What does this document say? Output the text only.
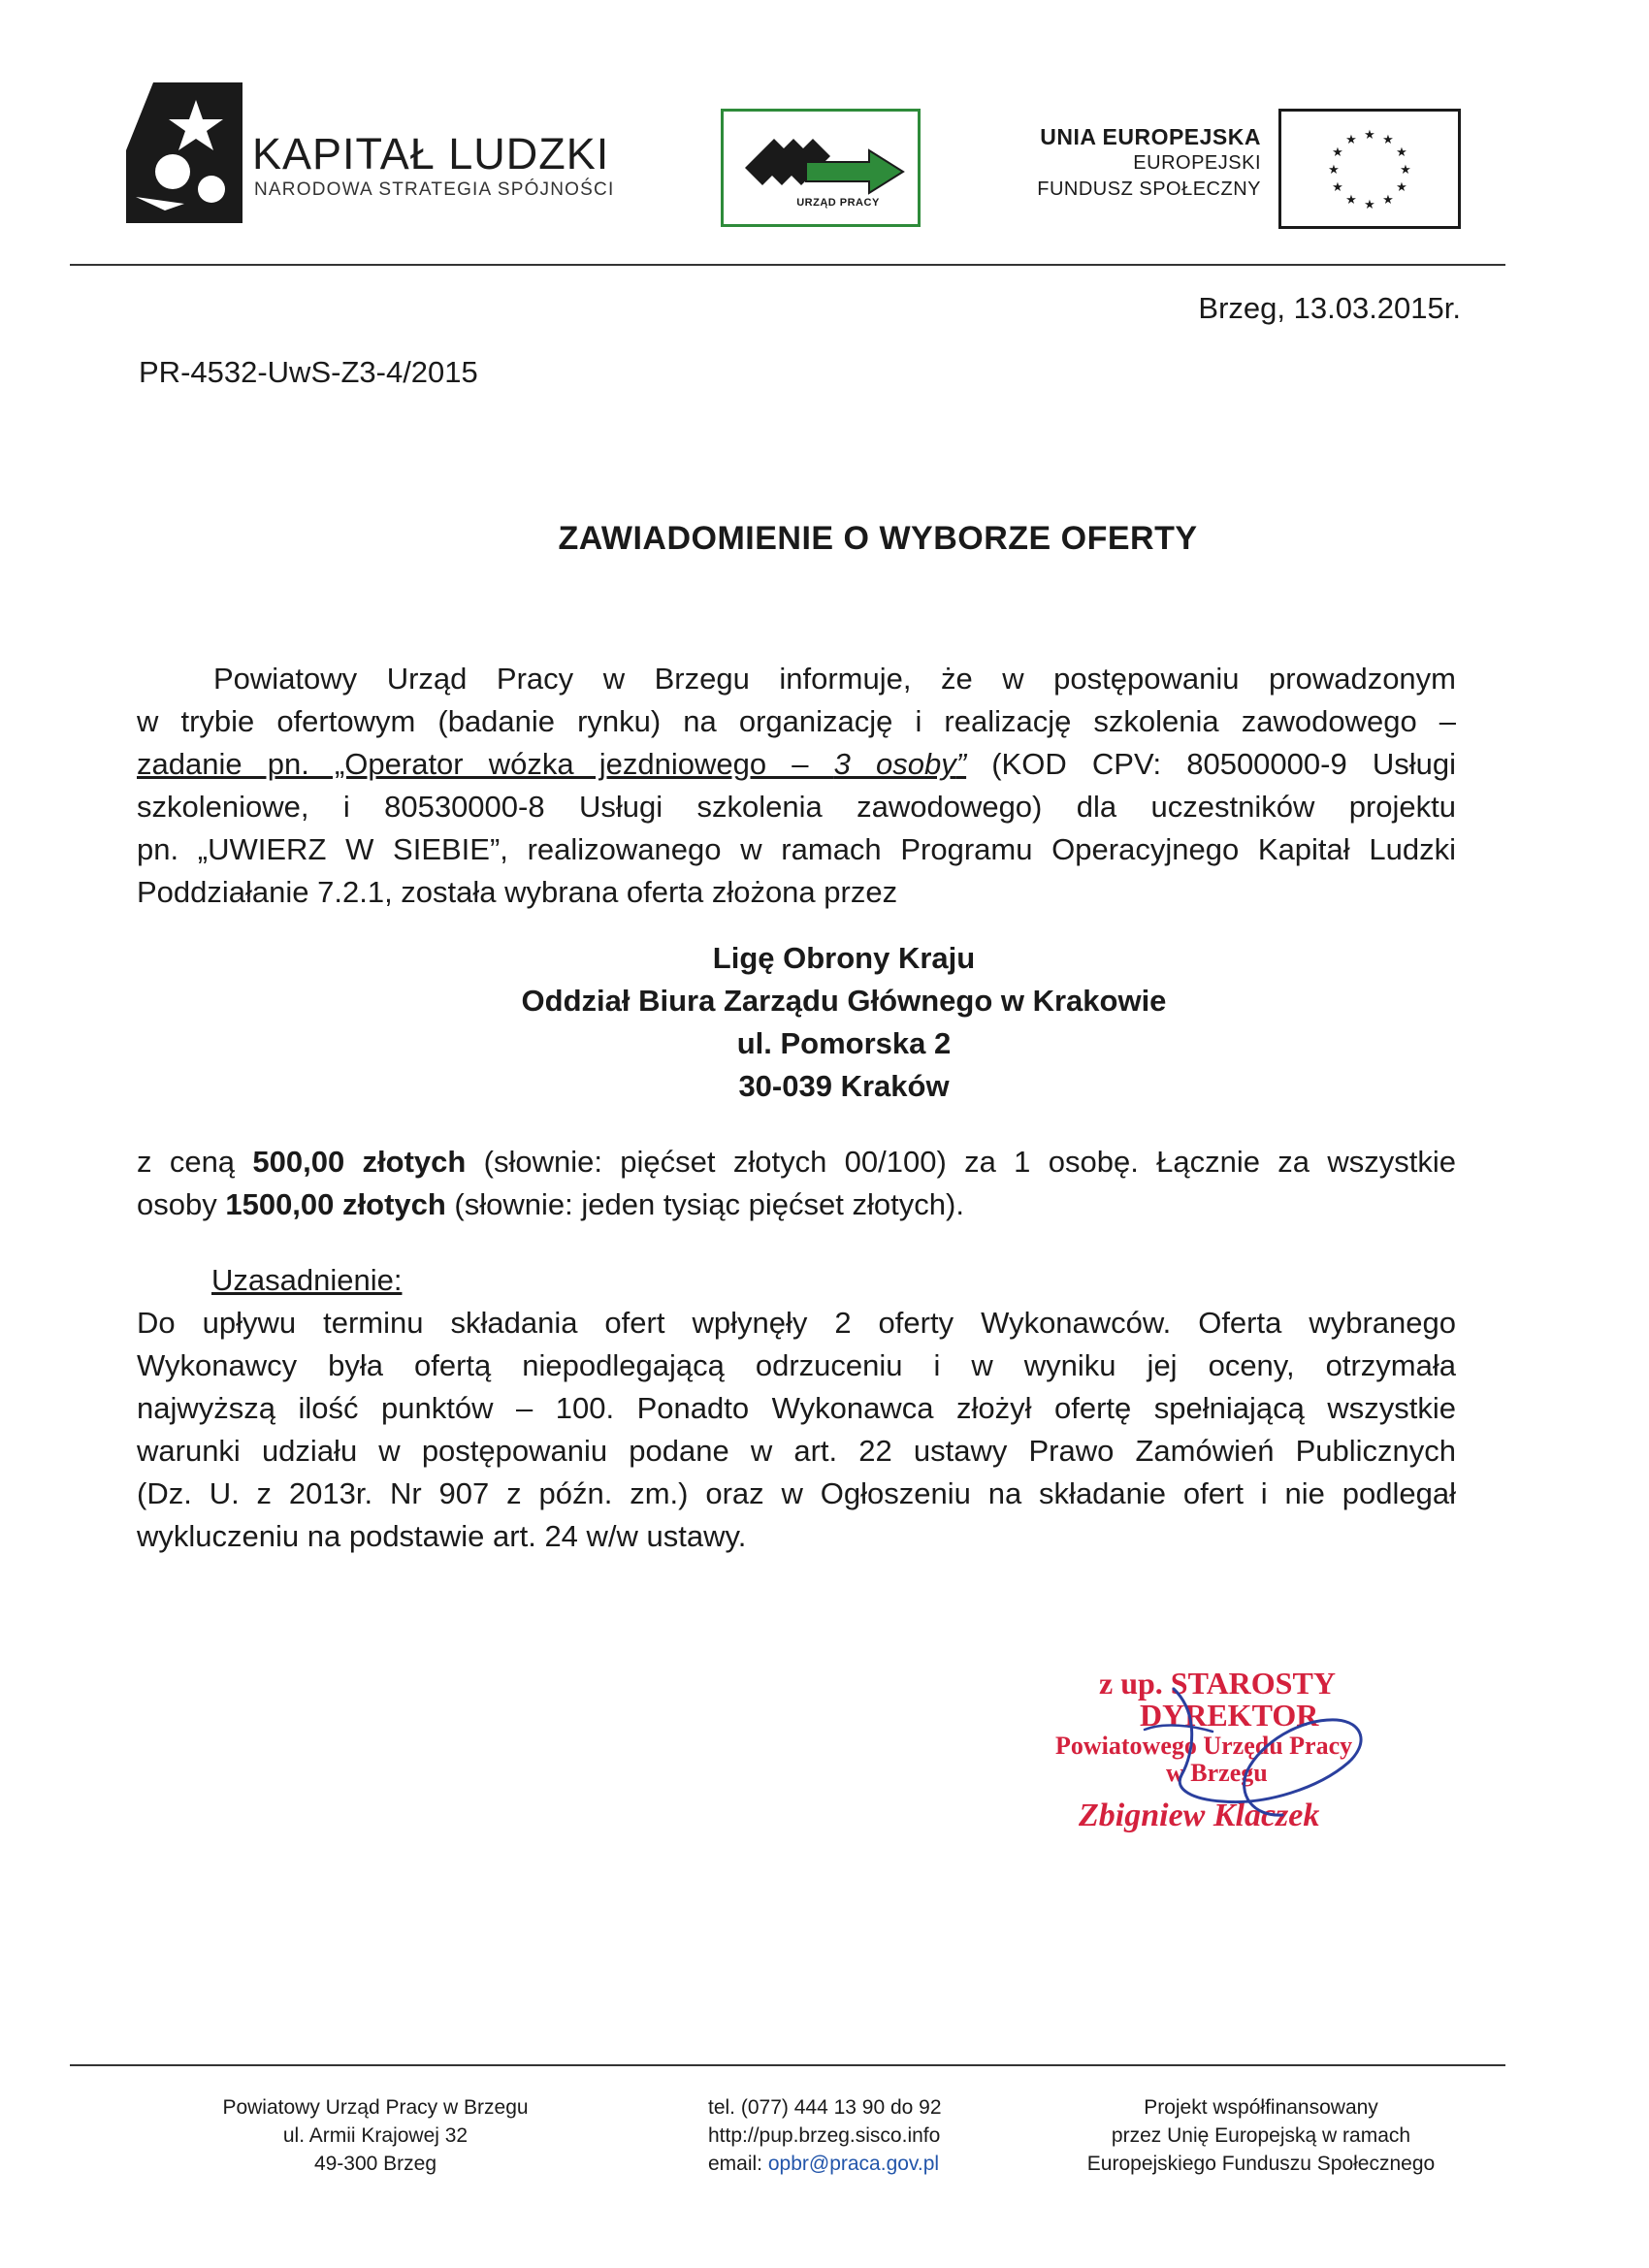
KAPITAŁ LUDZKI
NARODOWA STRATEGIA SPÓJNOŚCI
URZĄD PRACY
UNIA EUROPEJSKA
EUROPEJSKI
FUNDUSZ SPOŁECZNY
★ ★
★
★
★
★
★
★
★
★
★
★
Brzeg, 13.03.2015r.
PR-4532-UwS-Z3-4/2015
ZAWIADOMIENIE O WYBORZE OFERTY
Powiatowy Urząd Pracy w Brzegu informuje, że w postępowaniu prowadzonym
w trybie ofertowym (badanie rynku) na organizację i realizację szkolenia zawodowego –
zadanie pn. „Operator wózka jezdniowego – 3 osoby” (KOD CPV: 80500000-9 Usługi
szkoleniowe, i 80530000-8 Usługi szkolenia zawodowego) dla uczestników projektu
pn. „UWIERZ W SIEBIE”, realizowanego w ramach Programu Operacyjnego Kapitał Ludzki
Poddziałanie 7.2.1, została wybrana oferta złożona przez
Ligę Obrony Kraju
Oddział Biura Zarządu Głównego w Krakowie
ul. Pomorska 2
30-039 Kraków
z ceną 500,00 złotych (słownie: pięćset złotych 00/100) za 1 osobę. Łącznie za wszystkie
osoby 1500,00 złotych (słownie: jeden tysiąc pięćset złotych).
Uzasadnienie:
Do upływu terminu składania ofert wpłynęły 2 oferty Wykonawców. Oferta wybranego
Wykonawcy była ofertą niepodlegającą odrzuceniu i w wyniku jej oceny, otrzymała
najwyższą ilość punktów – 100. Ponadto Wykonawca złożył ofertę spełniającą wszystkie
warunki udziału w postępowaniu podane w art. 22 ustawy Prawo Zamówień Publicznych
(Dz. U. z 2013r. Nr 907 z późn. zm.) oraz w Ogłoszeniu na składanie ofert i nie podlegał
wykluczeniu na podstawie art. 24 w/w ustawy.
z up. STAROSTY
DYREKTOR
Powiatowego Urzędu Pracy
w Brzegu
Zbigniew Klaczek
Powiatowy Urząd Pracy w Brzegu
ul. Armii Krajowej 32
49-300 Brzeg
tel. (077) 444 13 90 do 92
http://pup.brzeg.sisco.info
email: opbr@praca.gov.pl
Projekt współfinansowany
przez Unię Europejską w ramach
Europejskiego Funduszu Społecznego
